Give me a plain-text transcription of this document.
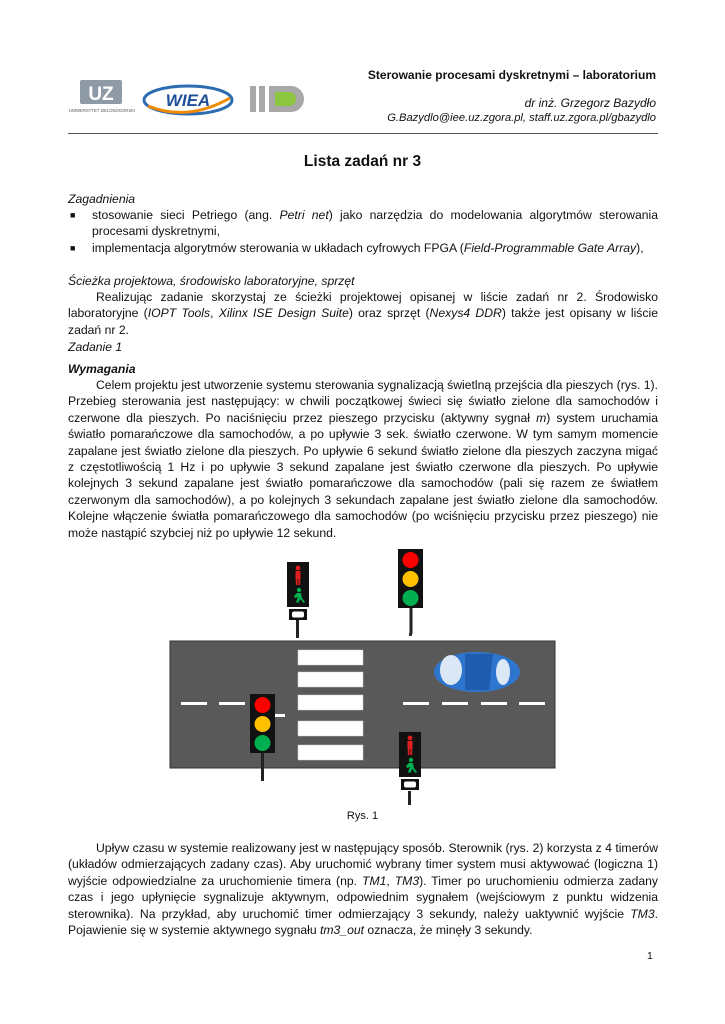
UZ
UNIWERSYTET ZIELONOGÓRSKI
WIEA
IIE
Sterowanie procesami dyskretnymi – laboratorium
dr inż. Grzegorz Bazydło
G.Bazydlo@iee.uz.zgora.pl, staff.uz.zgora.pl/gbazydlo
Lista zadań nr 3
Zagadnienia
■ stosowanie sieci Petriego (ang. Petri net) jako narzędzia do modelowania algorytmów sterowania procesami dyskretnymi,
■ implementacja algorytmów sterowania w układach cyfrowych FPGA (Field-Programmable Gate Array),
Ścieżka projektowa, środowisko laboratoryjne, sprzęt
Realizując zadanie skorzystaj ze ścieżki projektowej opisanej w liście zadań nr 2. Środowisko laboratoryjne (IOPT Tools, Xilinx ISE Design Suite) oraz sprzęt (Nexys4 DDR) także jest opisany w liście zadań nr 2.
Zadanie 1
Wymagania
Celem projektu jest utworzenie systemu sterowania sygnalizacją świetlną przejścia dla pieszych (rys. 1). Przebieg sterowania jest następujący: w chwili początkowej świeci się światło zielone dla samochodów i czerwone dla pieszych. Po naciśnięciu przez pieszego przycisku (aktywny sygnał m) system uruchamia światło pomarańczowe dla samochodów, a po upływie 3 sek. światło czerwone. W tym samym momencie zapalane jest światło zielone dla pieszych. Po upływie 6 sekund światło zielone dla pieszych zaczyna migać z częstotliwością 1 Hz i po upływie 3 sekund zapalane jest światło czerwone dla pieszych. Po upływie kolejnych 3 sekund zapalane jest światło pomarańczowe dla samochodów (pali się razem ze światłem czerwonym dla samochodów), a po kolejnych 3 sekundach zapalane jest światło zielone dla samochodów. Kolejne włączenie światła pomarańczowego dla samochodów (po wciśnięciu przycisku przez pieszego) nie może nastąpić szybciej niż po upływie 12 sekund.
Rys. 1
Upływ czasu w systemie realizowany jest w następujący sposób. Sterownik (rys. 2) korzysta z 4 timerów (układów odmierzających zadany czas). Aby uruchomić wybrany timer system musi aktywować (logiczna 1) wyjście odpowiedzialne za uruchomienie timera (np. TM1, TM3). Timer po uruchomieniu odmierza zadany czas i jego upłynięcie sygnalizuje aktywnym, odpowiednim sygnałem (wejściowym z punktu widzenia sterownika). Na przykład, aby uruchomić timer odmierzający 3 sekundy, należy uaktywnić wyjście TM3. Pojawienie się w systemie aktywnego sygnału tm3_out oznacza, że minęły 3 sekundy.
1
